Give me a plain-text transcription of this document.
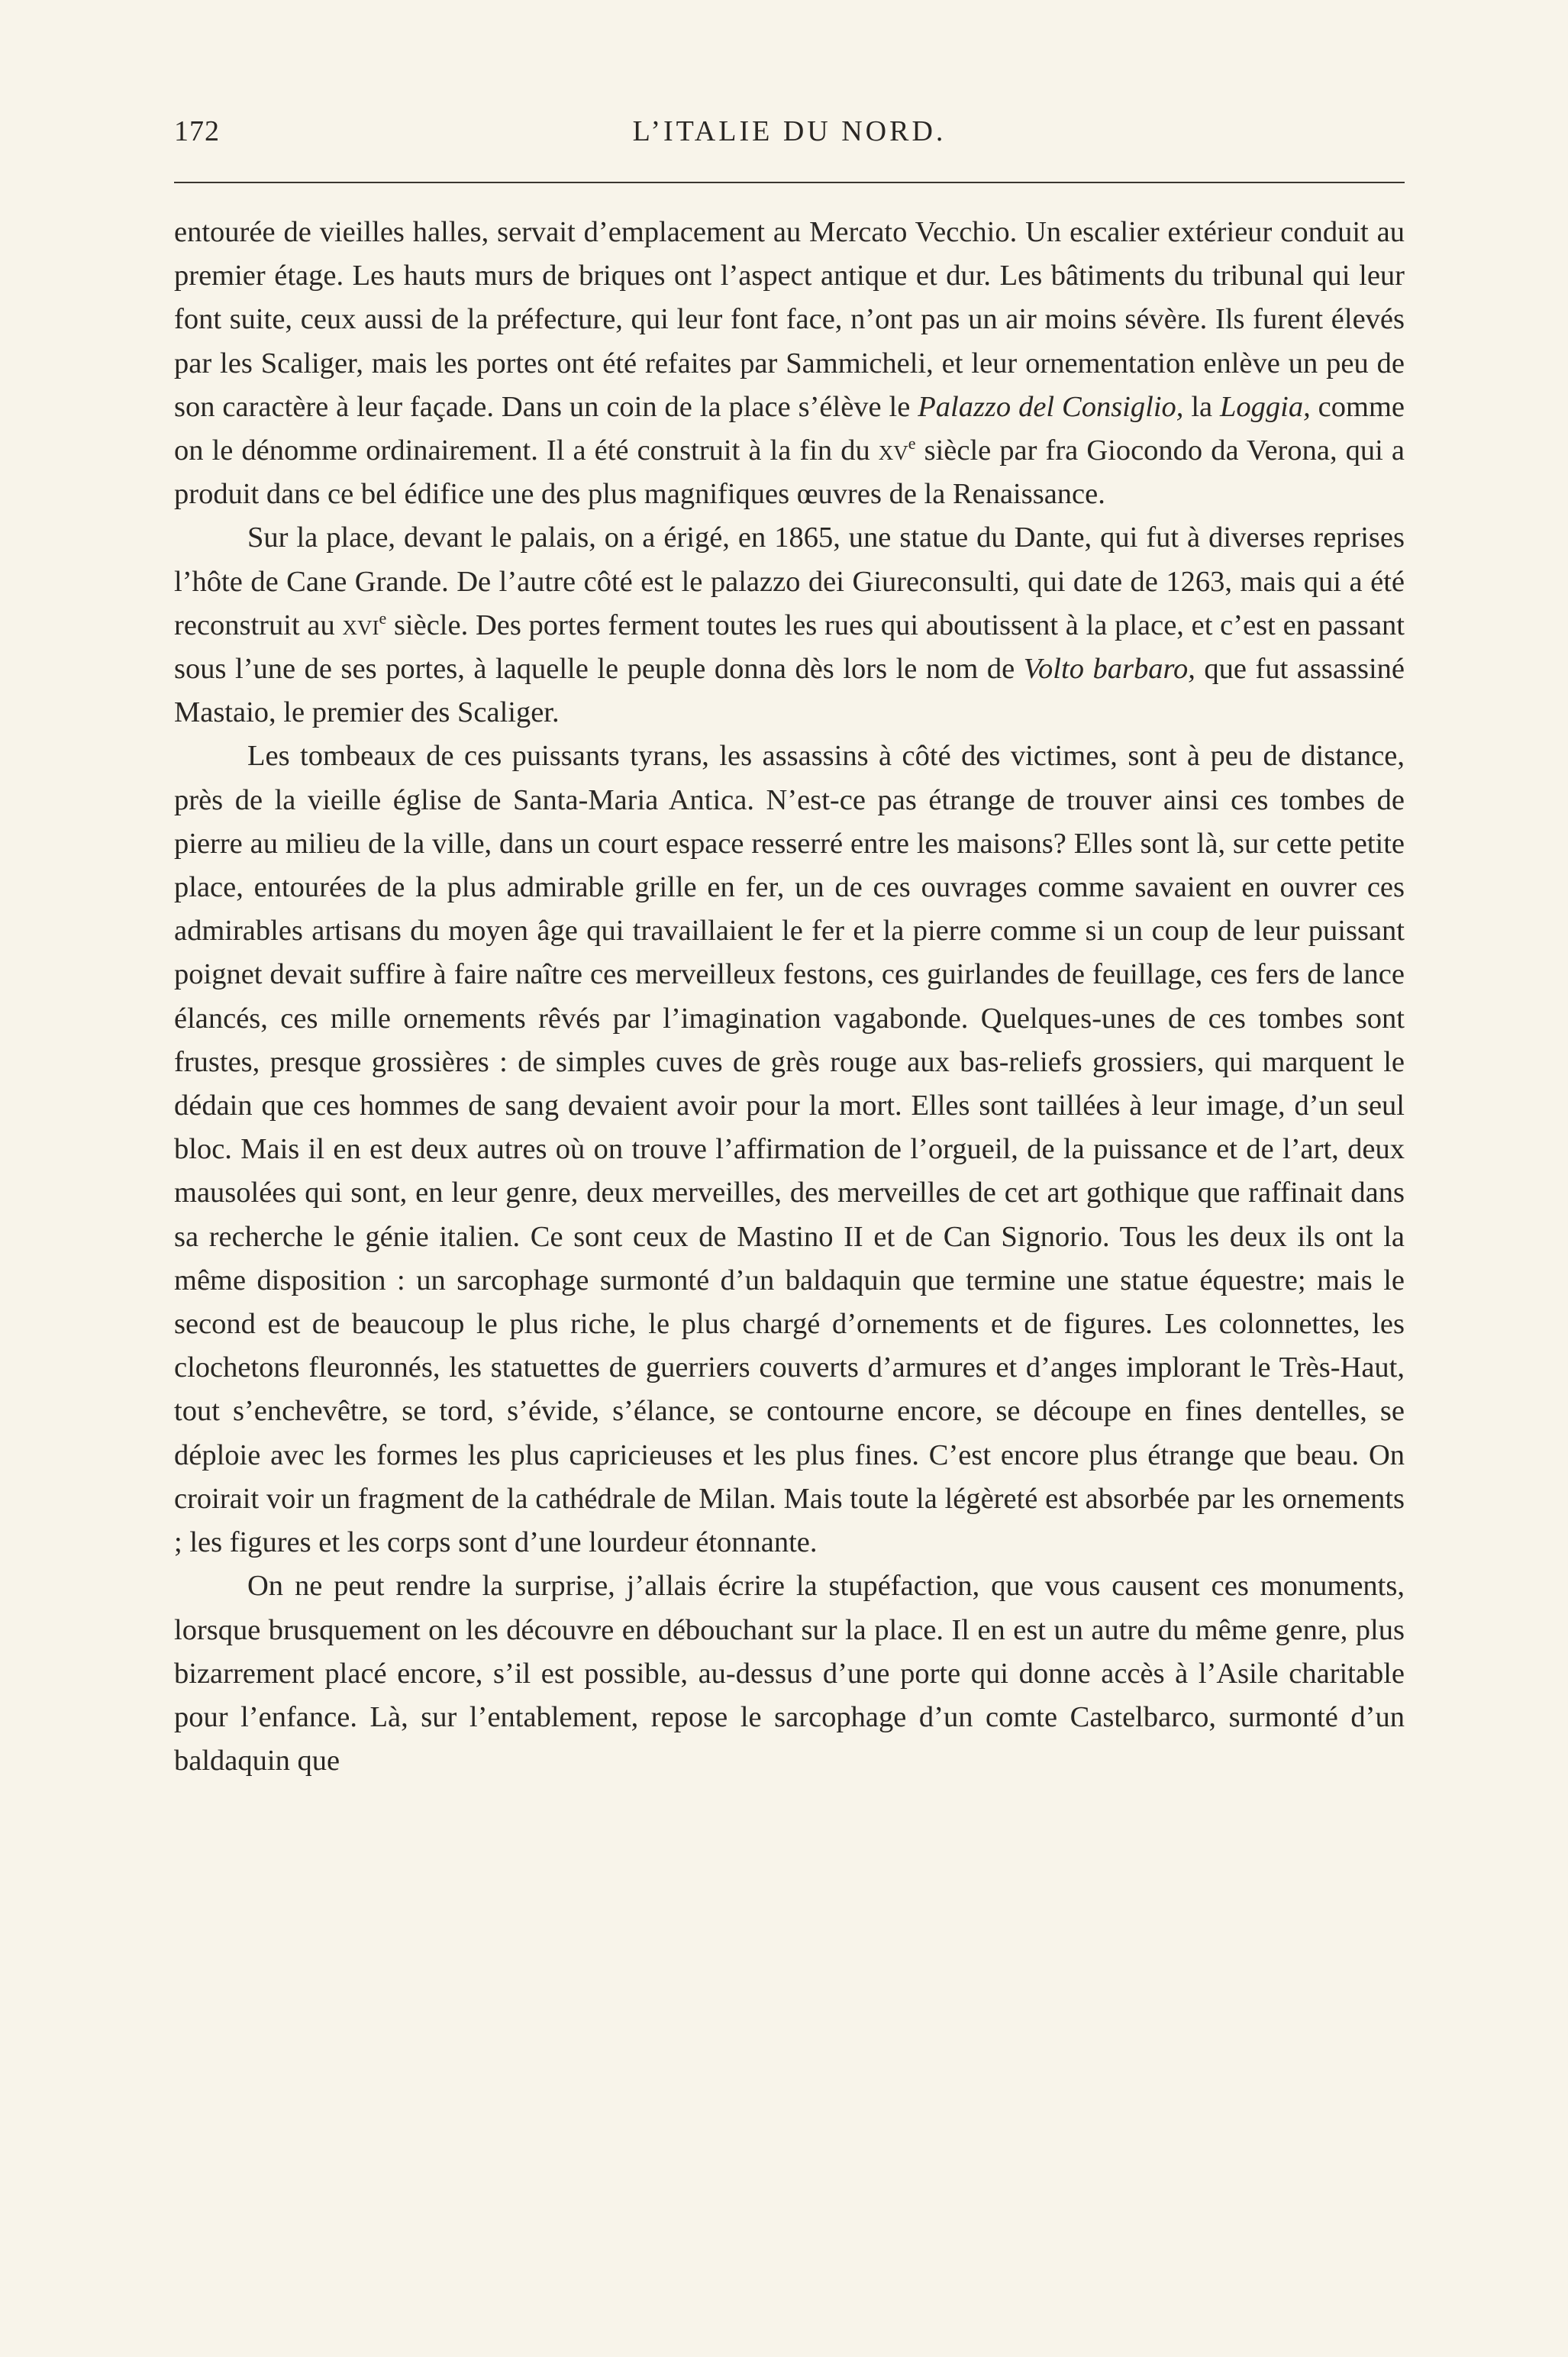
172	L’ITALIE DU NORD.

entourée de vieilles halles, servait d’emplacement au Mercato Vecchio. Un escalier extérieur conduit au premier étage. Les hauts murs de briques ont l’aspect antique et dur. Les bâtiments du tribunal qui leur font suite, ceux aussi de la préfecture, qui leur font face, n’ont pas un air moins sévère. Ils furent élevés par les Scaliger, mais les portes ont été refaites par Sammicheli, et leur ornementation enlève un peu de son caractère à leur façade. Dans un coin de la place s’élève le Palazzo del Consiglio, la Loggia, comme on le dénomme ordinairement. Il a été construit à la fin du $xv^e$ siècle par fra Giocondo da Verona, qui a produit dans ce bel édifice une des plus magnifiques œuvres de la Renaissance.

Sur la place, devant le palais, on a érigé, en 1865, une statue du Dante, qui fut à diverses reprises l’hôte de Cane Grande. De l’autre côté est le palazzo dei Giureconsulti, qui date de 1263, mais qui a été reconstruit au xvi$^e$ siècle. Des portes ferment toutes les rues qui aboutissent à la place, et c’est en passant sous l’une de ses portes, à laquelle le peuple donna dès lors le nom de Volto barbaro, que fut assassiné Mastaio, le premier des Scaliger.

Les tombeaux de ces puissants tyrans, les assassins à côté des victimes, sont à peu de distance, près de la vieille église de Santa-Maria Antica. N’est-ce pas étrange de trouver ainsi ces tombes de pierre au milieu de la ville, dans un court espace resserré entre les maisons? Elles sont là, sur cette petite place, entourées de la plus admirable grille en fer, un de ces ouvrages comme savaient en ouvrer ces admirables artisans du moyen âge qui travaillaient le fer et la pierre comme si un coup de leur puissant poignet devait suffire à faire naître ces merveilleux festons, ces guirlandes de feuillage, ces fers de lance élancés, ces mille ornements rêvés par l’imagination vagabonde. Quelques-unes de ces tombes sont frustes, presque grossières : de simples cuves de grès rouge aux bas-reliefs grossiers, qui marquent le dédain que ces hommes de sang devaient avoir pour la mort. Elles sont taillées à leur image, d’un seul bloc. Mais il en est deux autres où on trouve l’affirmation de l’orgueil, de la puissance et de l’art, deux mausolées qui sont, en leur genre, deux merveilles, des merveilles de cet art gothique que raffinait dans sa recherche le génie italien. Ce sont ceux de Mastino II et de Can Signorio. Tous les deux ils ont la même disposition : un sarcophage surmonté d’un baldaquin que termine une statue équestre; mais le second est de beaucoup le plus riche, le plus chargé d’ornements et de figures. Les colonnettes, les clochetons fleuronnés, les statuettes de guerriers couverts d’armures et d’anges implorant le Très-Haut, tout s’enchevêtre, se tord, s’évide, s’élance, se contourne encore, se découpe en fines dentelles, se déploie avec les formes les plus capricieuses et les plus fines. C’est encore plus étrange que beau. On croirait voir un fragment de la cathédrale de Milan. Mais toute la légèreté est absorbée par les ornements ; les figures et les corps sont d’une lourdeur étonnante.

On ne peut rendre la surprise, j’allais écrire la stupéfaction, que vous causent ces monuments, lorsque brusquement on les découvre en débouchant sur la place. Il en est un autre du même genre, plus bizarrement placé encore, s’il est possible, au-dessus d’une porte qui donne accès à l’Asile charitable pour l’enfance. Là, sur l’entablement, repose le sarcophage d’un comte Castelbarco, surmonté d’un baldaquin que
